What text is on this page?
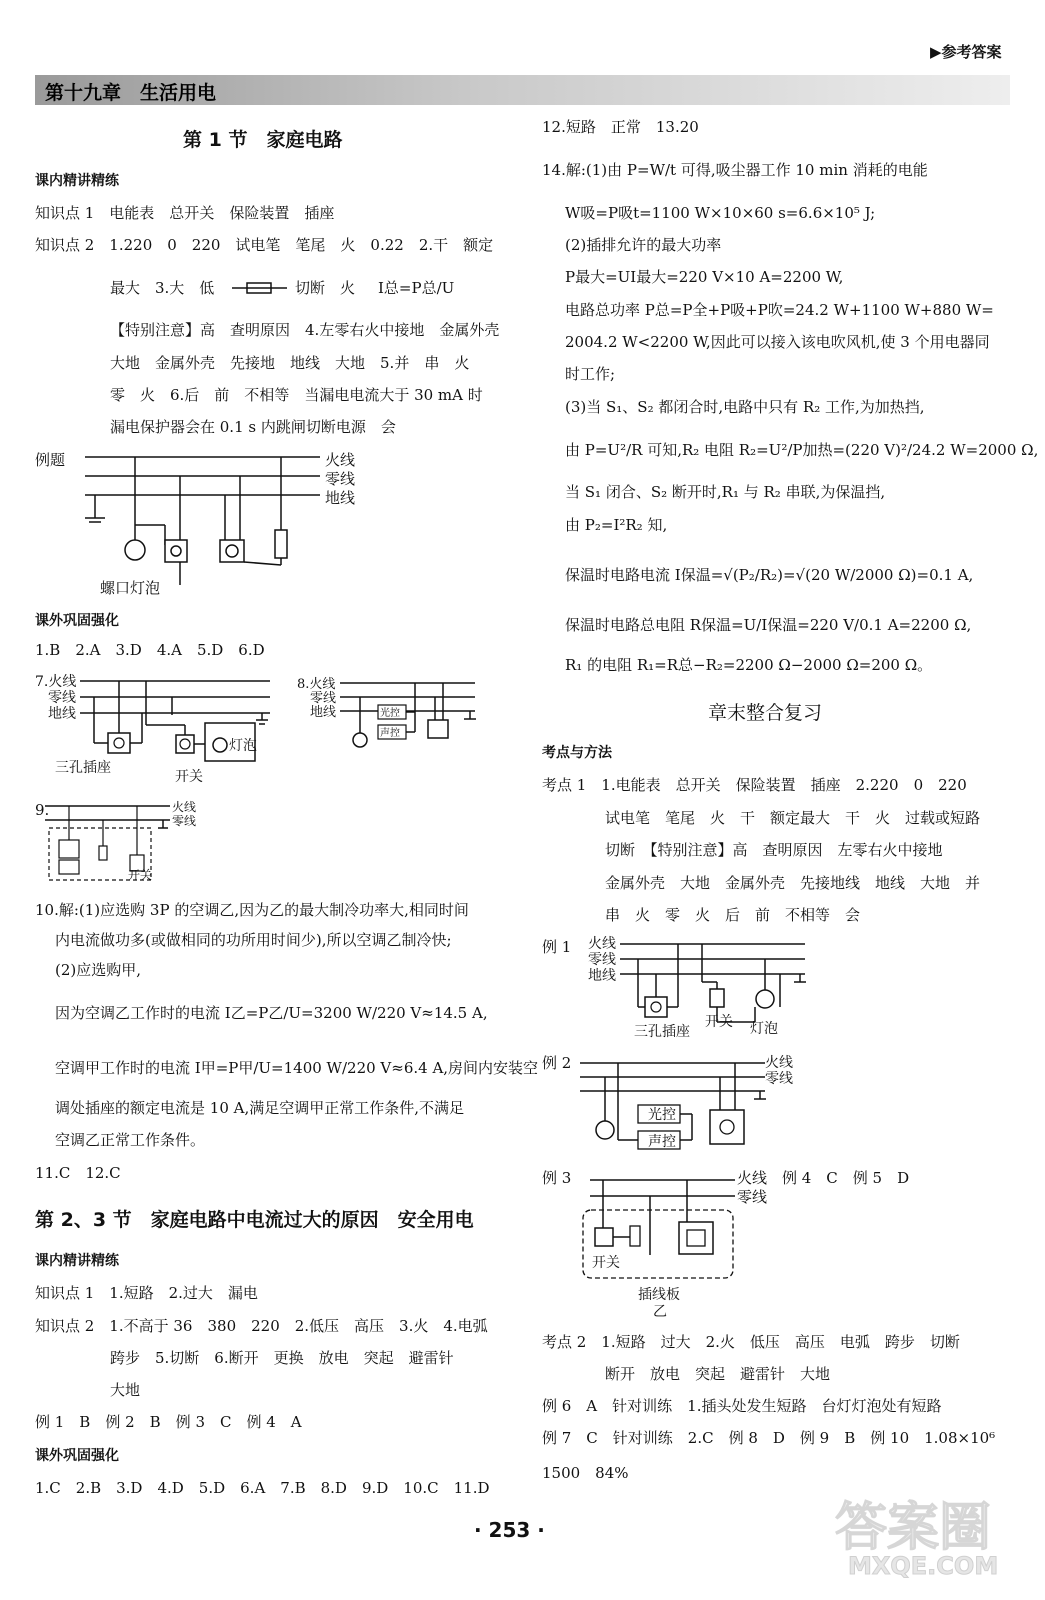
▶参考答案
第十九章　生活用电
第 1 节　家庭电路
课内精讲精练
知识点 1　电能表　总开关　保险装置　插座
知识点 2　1.220　0　220　试电笔　笔尾　火　0.22　2.干　额定
最大　3.大　低	切断　火 I总=P总/U
【特别注意】高　查明原因　4.左零右火中接地　金属外壳
大地　金属外壳　先接地　地线　大地　5.并　串　火
零　火　6.后　前　不相等　当漏电电流大于 30 mA 时
漏电保护器会在 0.1 s 内跳闸切断电源　会
例题	火线
零线
地线
螺口灯泡
课外巩固强化
1.B　2.A　3.D　4.A　5.D　6.D
7.火线
零线
地线
三孔插座
开关
灯泡
8.火线
零线
地线	光控
声控
9.	火线
零线
开关
10.解:(1)应选购 3P 的空调乙,因为乙的最大制冷功率大,相同时间
内电流做功多(或做相同的功所用时间少),所以空调乙制冷快;
(2)应选购甲,
因为空调乙工作时的电流 I乙=P乙/U=3200 W/220 V≈14.5 A,
空调甲工作时的电流 I甲=P甲/U=1400 W/220 V≈6.4 A,房间内安装空
调处插座的额定电流是 10 A,满足空调甲正常工作条件,不满足
空调乙正常工作条件。
11.C　12.C
第 2、3 节　家庭电路中电流过大的原因　安全用电
课内精讲精练
知识点 1　1.短路　2.过大　漏电
知识点 2　1.不高于 36　380　220　2.低压　高压　3.火　4.电弧
跨步　5.切断　6.断开　更换　放电　突起　避雷针
大地
例 1　B　例 2　B　例 3　C　例 4　A
课外巩固强化
1.C　2.B　3.D　4.D　5.D　6.A　7.B　8.D　9.D　10.C　11.D
12.短路　正常　13.20
14.解:(1)由 P=W/t 可得,吸尘器工作 10 min 消耗的电能
W吸=P吸t=1100 W×10×60 s=6.6×10⁵ J;
(2)插排允许的最大功率
P最大=UI最大=220 V×10 A=2200 W,
电路总功率 P总=P全+P吸+P吹=24.2 W+1100 W+880 W=
2004.2 W<2200 W,因此可以接入该电吹风机,使 3 个用电器同
时工作;
(3)当 S₁、S₂ 都闭合时,电路中只有 R₂ 工作,为加热挡,
由 P=U²/R 可知,R₂ 电阻 R₂=U²/P加热=(220 V)²/24.2 W=2000 Ω,
当 S₁ 闭合、S₂ 断开时,R₁ 与 R₂ 串联,为保温挡,
由 P₂=I²R₂ 知,
保温时电路电流 I保温=√(P₂/R₂)=√(20 W/2000 Ω)=0.1 A,
保温时电路总电阻 R保温=U/I保温=220 V/0.1 A=2200 Ω,
R₁ 的电阻 R₁=R总−R₂=2200 Ω−2000 Ω=200 Ω。
章末整合复习
考点与方法
考点 1　1.电能表　总开关　保险装置　插座　2.220　0　220
试电笔　笔尾　火　干　额定最大　干　火　过载或短路
切断　【特别注意】高　查明原因　左零右火中接地
金属外壳　大地　金属外壳　先接地线　地线　大地　并
串　火　零　火　后　前　不相等　会
例 1 火线
零线
地线
三孔插座
开关 灯泡
例 2	火线
零线
光控
声控
例 3	火线
零线
例 4　C　例 5　D
开关
插线板
乙
考点 2　1.短路　过大　2.火　低压　高压　电弧　跨步　切断
断开　放电　突起　避雷针　大地
例 6　A　针对训练　1.插头处发生短路　台灯灯泡处有短路
例 7　C　针对训练　2.C　例 8　D　例 9　B　例 10　1.08×10⁶
1500　84%
· 253 ·	答案圈
MXQE.COM
